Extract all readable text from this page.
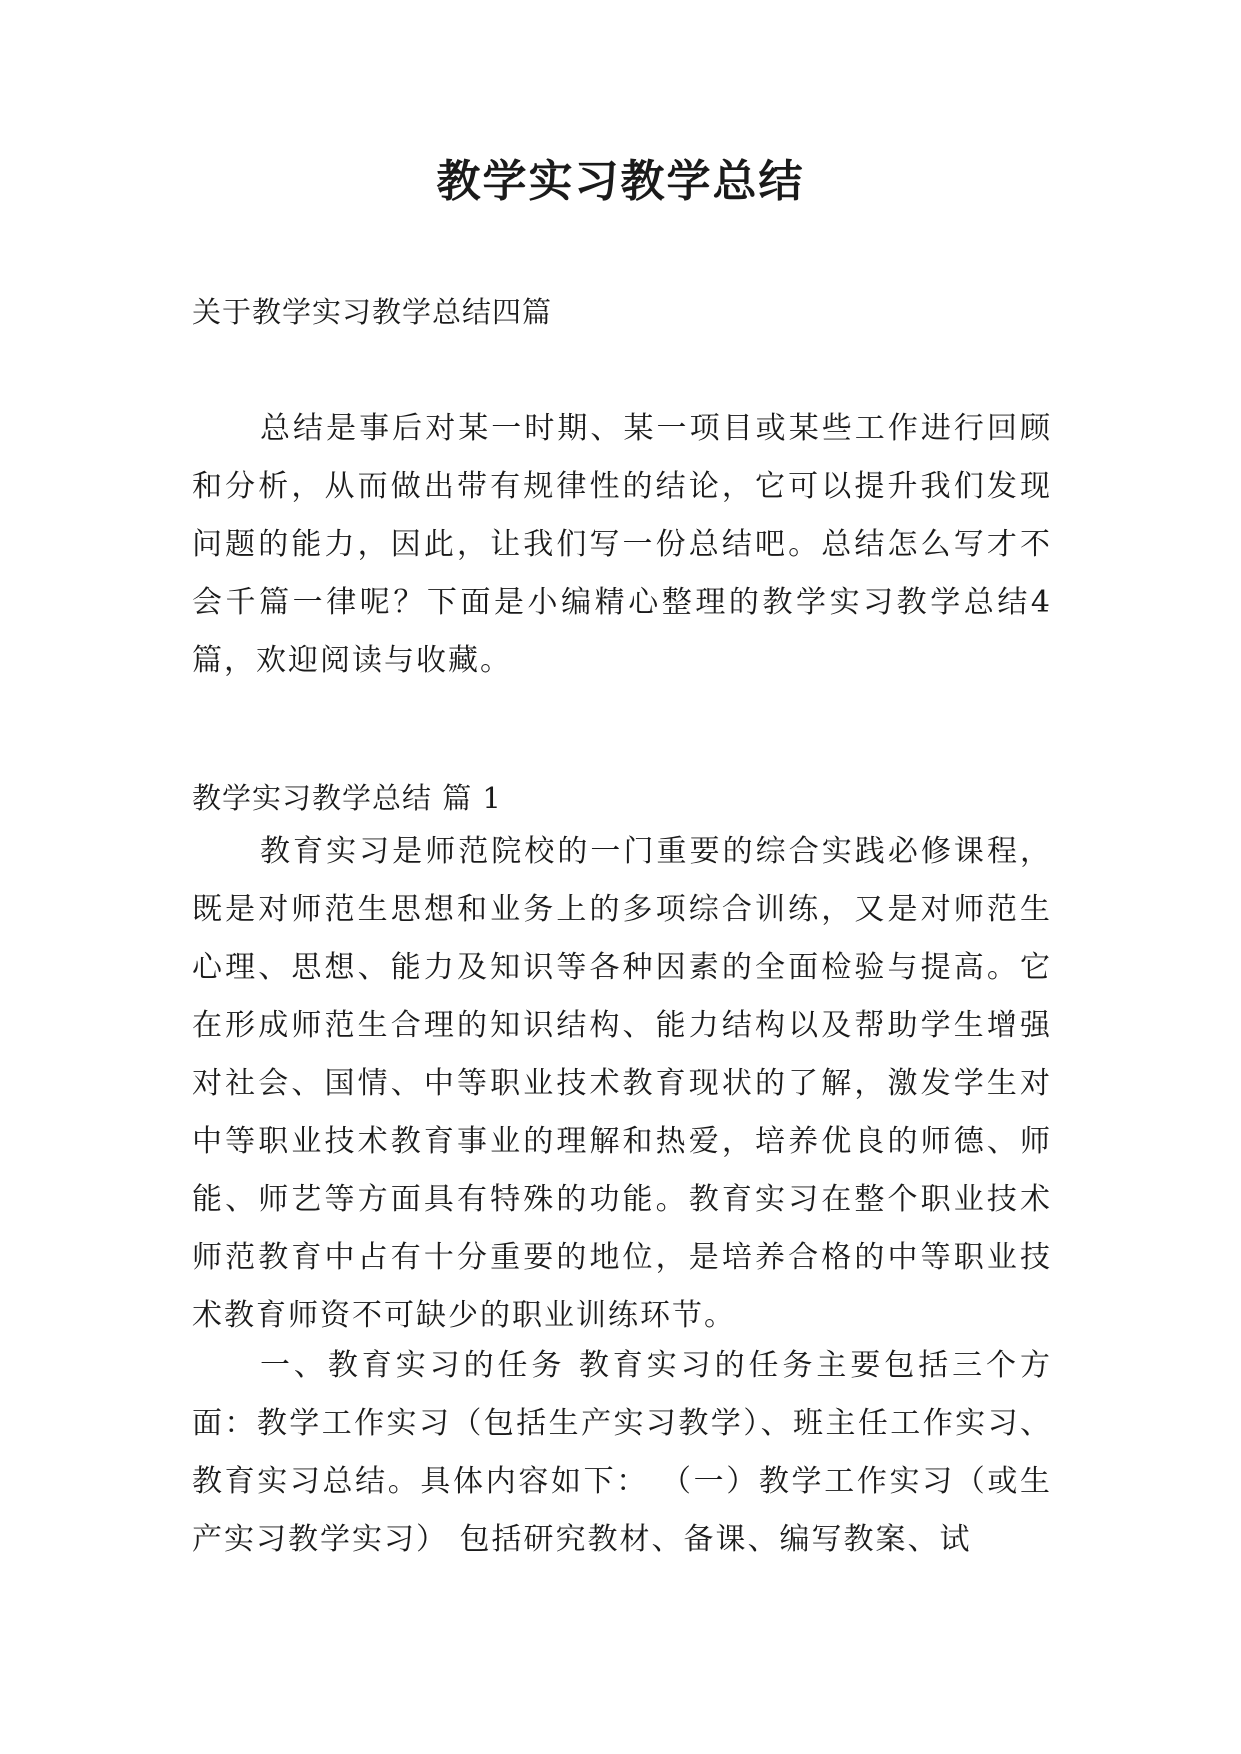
教学实习教学总结

关于教学实习教学总结四篇

总结是事后对某一时期、某一项目或某些工作进行回顾和分析，从而做出带有规律性的结论，它可以提升我们发现问题的能力，因此，让我们写一份总结吧。总结怎么写才不会千篇一律呢？下面是小编精心整理的教学实习教学总结4篇，欢迎阅读与收藏。

教学实习教学总结 篇 1

教育实习是师范院校的一门重要的综合实践必修课程，既是对师范生思想和业务上的多项综合训练，又是对师范生心理、思想、能力及知识等各种因素的全面检验与提高。它在形成师范生合理的知识结构、能力结构以及帮助学生增强对社会、国情、中等职业技术教育现状的了解，激发学生对中等职业技术教育事业的理解和热爱，培养优良的师德、师能、师艺等方面具有特殊的功能。教育实习在整个职业技术师范教育中占有十分重要的地位，是培养合格的中等职业技术教育师资不可缺少的职业训练环节。

一、教育实习的任务 教育实习的任务主要包括三个方面：教学工作实习（包括生产实习教学）、班主任工作实习、教育实习总结。具体内容如下： （一）教学工作实习（或生产实习教学实习） 包括研究教材、备课、编写教案、试
